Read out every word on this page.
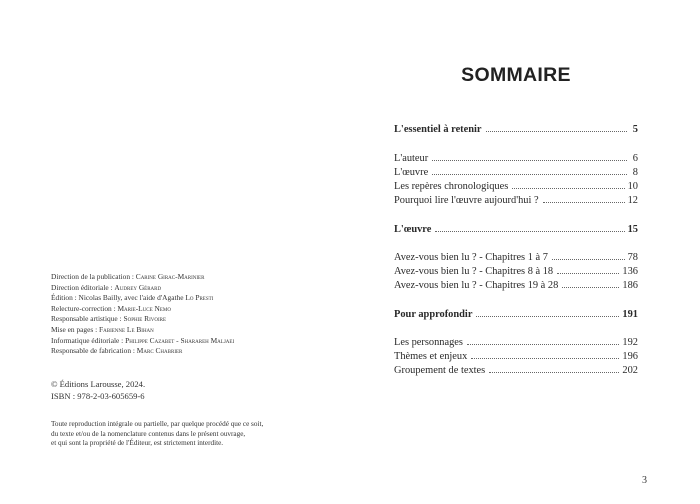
Direction de la publication : Carine Girac-Marinier
Direction éditoriale : Audrey Gérard
Édition : Nicolas Bailly, avec l'aide d'Agathe Lo Presti
Relecture-correction : Marie-Luce Nemo
Responsable artistique : Sophie Rivoire
Mise en pages : Fabienne Le Bihan
Informatique éditoriale : Philippe Cazabet - Sharareh Maljaei
Responsable de fabrication : Marc Chabrier
© Éditions Larousse, 2024.
ISBN : 978-2-03-605659-6
Toute reproduction intégrale ou partielle, par quelque procédé que ce soit,
du texte et/ou de la nomenclature contenus dans le présent ouvrage,
et qui sont la propriété de l'Éditeur, est strictement interdite.
SOMMAIRE
L'essentiel à retenir	5
L'auteur	6
L'œuvre	8
Les repères chronologiques	10
Pourquoi lire l'œuvre aujourd'hui ?	12
L'œuvre	15
Avez-vous bien lu ? - Chapitres 1 à 7	78
Avez-vous bien lu ? - Chapitres 8 à 18	136
Avez-vous bien lu ? - Chapitres 19 à 28	186
Pour approfondir	191
Les personnages	192
Thèmes et enjeux	196
Groupement de textes	202
3
